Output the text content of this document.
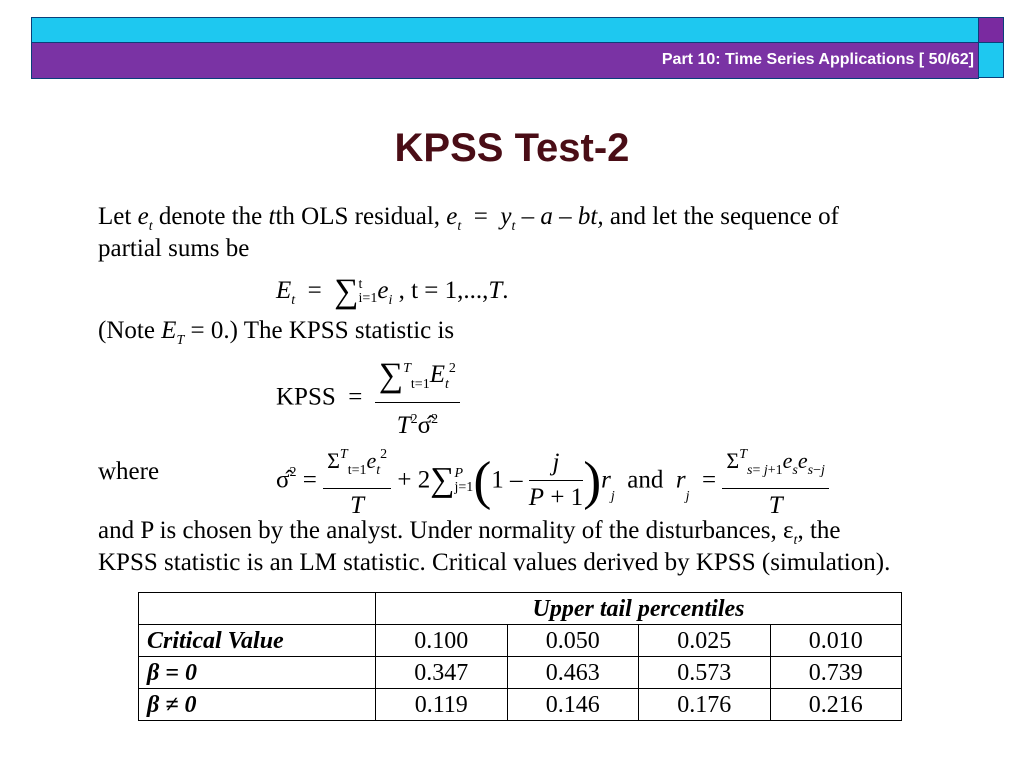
Part 10: Time Series Applications [ 50/62]
KPSS Test-2
Let $e_t$ denote the tth OLS residual, $e_t = y_t - a$ – bt, and let the sequence of
partial sums be
$E_t$ = ∑ t
i=1 $e_i$ , t = 1,...,T.
(Note $E_T = 0$.) The KPSS statistic is
KPSS = $\frac{\sum^T_{t=1}E_t^2}{T^2\sigmâ^2}$
where	σ̂$^2$ = $\frac{\Sigma^T_{t=1}e_t^2}{T} + 2\sum$ P
j=1 $(1 - \frac{j}{P + 1} )r_j$  and $r_j = \frac{\Sigma^T_{s= j+1}e_se_{s-j}}{T}$
and P is chosen by the analyst. Under normality of the disturbances, $\varepsilon_t$, the
KPSS statistic is an LM statistic. Critical values derived by KPSS (simulation).
	Upper tail percentiles			
Critical Value	0.100	0.050	0.025	0.010
β = 0	0.347	0.463	0.573	0.739
β ≠ 0	0.119	0.146	0.176	0.216
